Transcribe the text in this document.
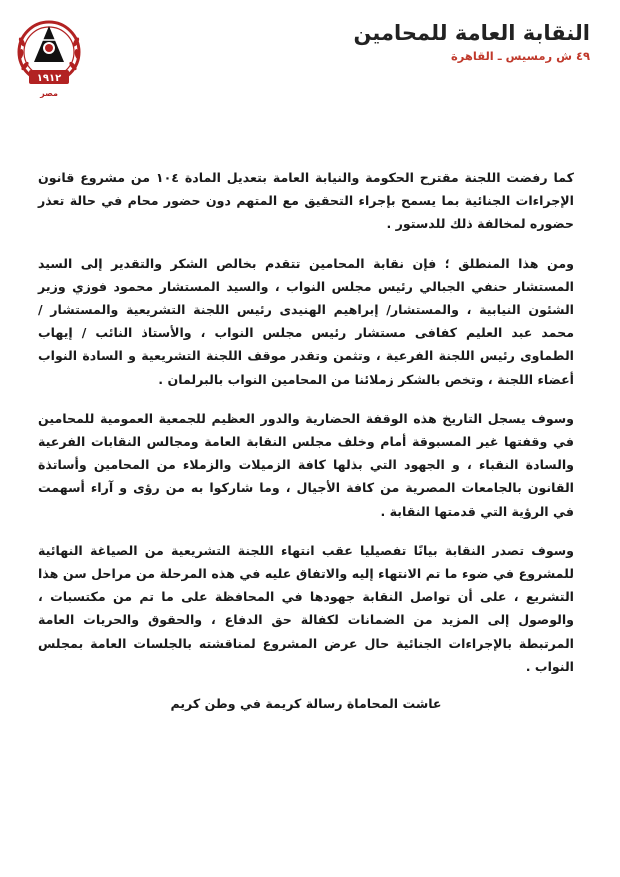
١٩١٢
مصر
النقابة العامة للمحامين
٤٩ ش رمسيس ـ القاهرة

كما رفضت اللجنة مقترح الحكومة والنيابة العامة بتعديل المادة ١٠٤ من مشروع قانون الإجراءات الجنائية بما يسمح بإجراء التحقيق مع المتهم دون حضور محام في حالة تعذر حضوره لمخالفة ذلك للدستور .

ومن هذا المنطلق ؛ فإن نقابة المحامين تتقدم بخالص الشكر والتقدير إلى السيد المستشار حنفي الجبالي رئيس مجلس النواب ، والسيد المستشار محمود فوزي وزير الشئون النيابية ، والمستشار/ إبراهيم الهنيدى رئيس اللجنة التشريعية والمستشار / محمد عبد العليم كفافى مستشار رئيس مجلس النواب ، والأستاذ النائب / إيهاب الطماوى رئيس اللجنة الفرعية ، وتثمن وتقدر موقف اللجنة التشريعية و السادة النواب أعضاء اللجنة ، وتخص بالشكر زملائنا من المحامين النواب بالبرلمان .

وسوف يسجل التاريخ هذه الوقفة الحضارية والدور العظيم للجمعية العمومية للمحامين في وقفتها غير المسبوقة أمام وخلف مجلس النقابة العامة ومجالس النقابات الفرعية والسادة النقباء ، و الجهود التي بذلها كافة الزميلات والزملاء من المحامين وأساتذة القانون بالجامعات المصرية من كافة الأجيال ، وما شاركوا به من رؤى و آراء أسهمت في الرؤية التي قدمتها النقابة .

وسوف تصدر النقابة بيانًا تفصيليا عقب انتهاء اللجنة التشريعية من الصياغة النهائية للمشروع في ضوء ما تم الانتهاء إليه والاتفاق عليه في هذه المرحلة من مراحل سن هذا التشريع ، على أن تواصل النقابة جهودها في المحافظة على ما تم من مكتسبات ، والوصول إلى المزيد من الضمانات لكفالة حق الدفاع ، والحقوق والحريات العامة المرتبطة بالإجراءات الجنائية حال عرض المشروع لمناقشته بالجلسات العامة بمجلس النواب .

عاشت المحاماة رسالة كريمة في وطن كريم
